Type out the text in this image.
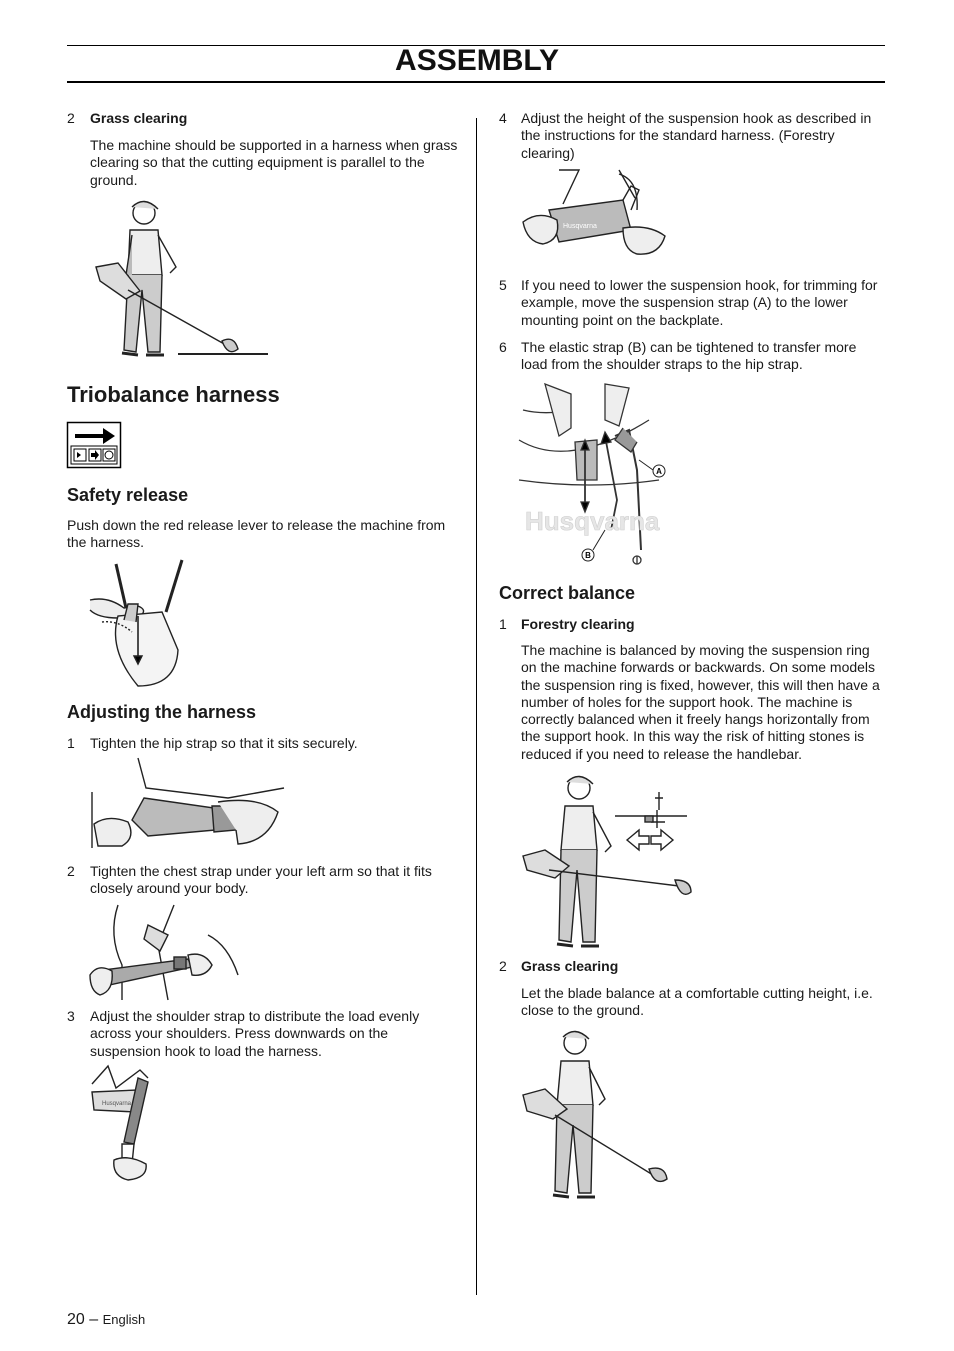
ASSEMBLY
2 Grass clearing
The machine should be supported in a harness when grass clearing so that the cutting equipment is parallel to the ground.
Triobalance harness
Safety release
Push down the red release lever to release the machine from the harness.
Adjusting the harness
1 Tighten the hip strap so that it sits securely.
2 Tighten the chest strap under your left arm so that it fits closely around your body.
3 Adjust the shoulder strap to distribute the load evenly across your shoulders. Press downwards on the suspension hook to load the harness.
Husqvarna
4 Adjust the height of the suspension hook as described in the instructions for the standard harness. (Forestry clearing)
Husqvarna
5 If you need to lower the suspension hook, for trimming for example, move the suspension strap (A) to the lower mounting point on the backplate.
6 The elastic strap (B) can be tightened to transfer more load from the shoulder straps to the hip strap.
Husqvarna
A
B
Correct balance
1 Forestry clearing
The machine is balanced by moving the suspension ring on the machine forwards or backwards. On some models the suspension ring is fixed, however, this will then have a number of holes for the support hook. The machine is correctly balanced when it freely hangs horizontally from the support hook. In this way the risk of hitting stones is reduced if you need to release the handlebar.
2 Grass clearing
Let the blade balance at a comfortable cutting height, i.e. close to the ground.
20 – English
